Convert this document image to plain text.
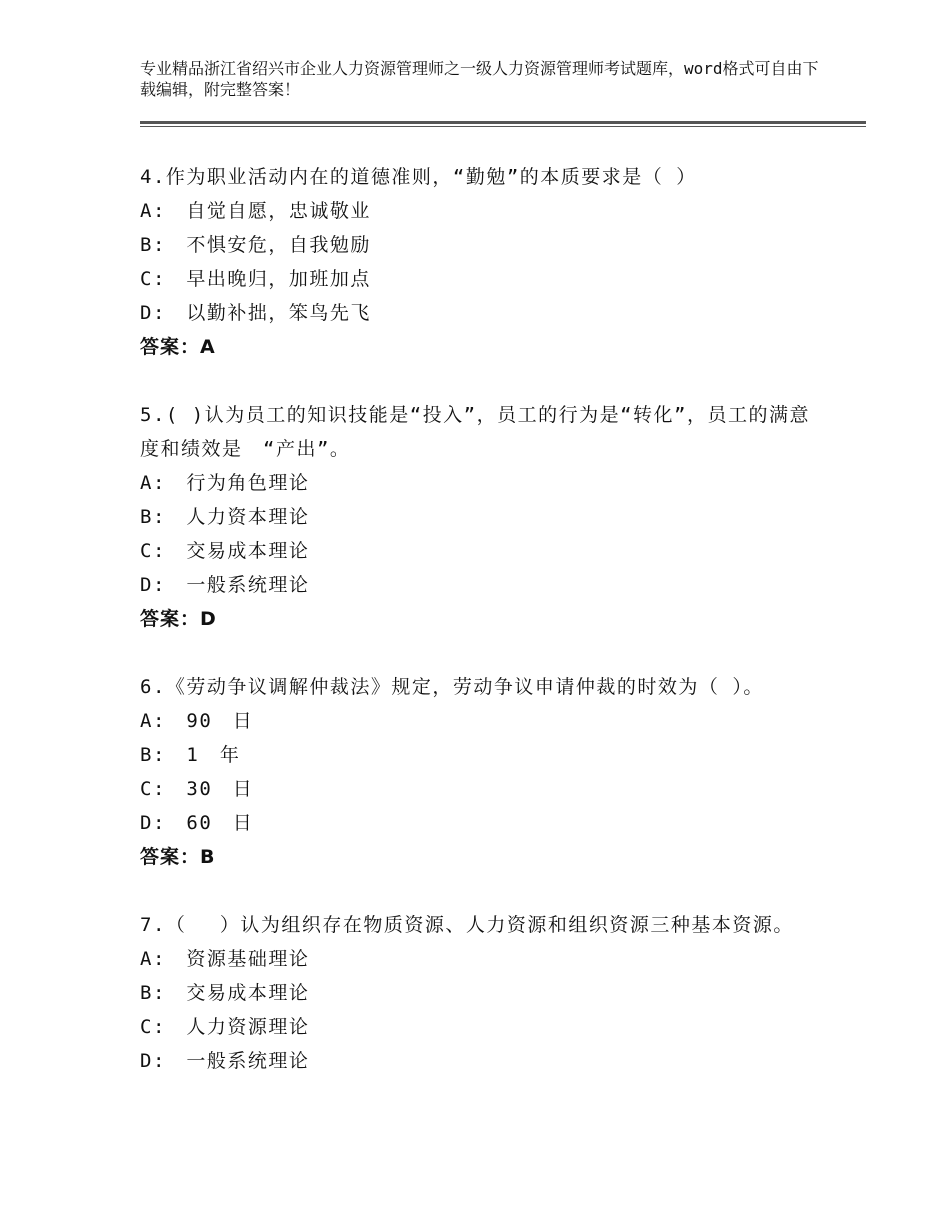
专业精品浙江省绍兴市企业人力资源管理师之一级人力资源管理师考试题库，word格式可自由下载编辑，附完整答案！
4.作为职业活动内在的道德准则，“勤勉”的本质要求是（ ）
A:　自觉自愿，忠诚敬业
B:　不惧安危，自我勉励
C:　早出晚归，加班加点
D:　以勤补拙，笨鸟先飞
答案：A
5.( )认为员工的知识技能是“投入”，员工的行为是“转化”，员工的满意度和绩效是　“产出”。
A:　行为角色理论
B:　人力资本理论
C:　交易成本理论
D:　一般系统理论
答案：D
6.《劳动争议调解仲裁法》规定，劳动争议申请仲裁的时效为（ ）。
A:　90　日
B:　1　年
C:　30　日
D:　60　日
答案：B
7.（　 ）认为组织存在物质资源、人力资源和组织资源三种基本资源。
A:　资源基础理论
B:　交易成本理论
C:　人力资源理论
D:　一般系统理论
